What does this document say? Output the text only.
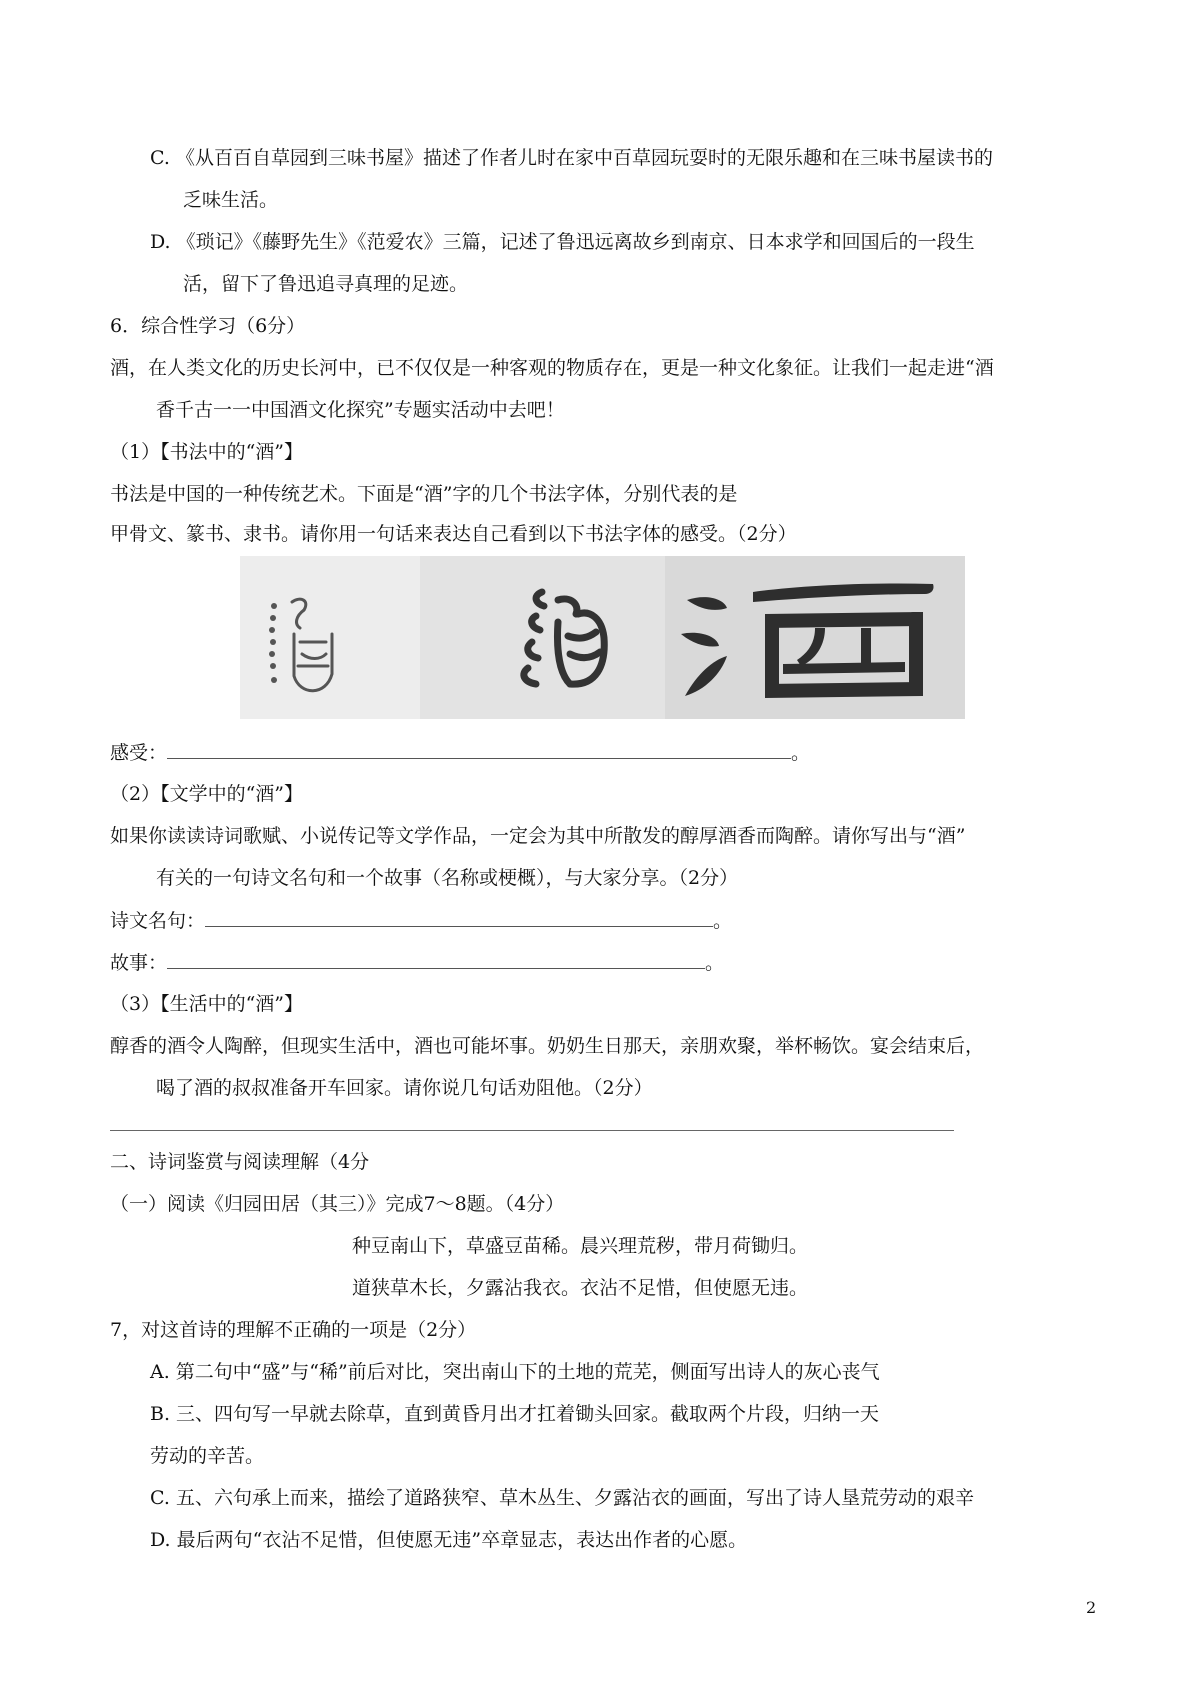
C. 《从百百自草园到三味书屋》描述了作者儿时在家中百草园玩耍时的无限乐趣和在三味书屋读书的
乏味生活。
D. 《琐记》《藤野先生》《范爱农》三篇，记述了鲁迅远离故乡到南京、日本求学和回国后的一段生
活，留下了鲁迅追寻真理的足迹。
6．综合性学习（6分）
酒，在人类文化的历史长河中，已不仅仅是一种客观的物质存在，更是一种文化象征。让我们一起走进“酒
香千古一一中国酒文化探究”专题实活动中去吧！
（1）【书法中的“酒”】
书法是中国的一种传统艺术。下面是“酒”字的几个书法字体，分别代表的是
甲骨文、篆书、隶书。请你用一句话来表达自己看到以下书法字体的感受。（2分）
感受：	。
（2）【文学中的“酒”】
如果你读读诗词歌赋、小说传记等文学作品，一定会为其中所散发的醇厚酒香而陶醉。请你写出与“酒”
有关的一句诗文名句和一个故事（名称或梗概），与大家分享。（2分）
诗文名句：	。
故事：	。
（3）【生活中的“酒”】
醇香的酒令人陶醉，但现实生活中，酒也可能坏事。奶奶生日那天，亲朋欢聚，举杯畅饮。宴会结束后，
喝了酒的叔叔准备开车回家。请你说几句话劝阻他。（2分）
二、诗词鉴赏与阅读理解（4分
（一）阅读《归园田居（其三）》完成7～8题。（4分）
种豆南山下，草盛豆苗稀。晨兴理荒秽，带月荷锄归。
道狭草木长，夕露沾我衣。衣沾不足惜，但使愿无违。
7，对这首诗的理解不正确的一项是（2分）
A. 第二句中“盛”与“稀”前后对比，突出南山下的土地的荒芜，侧面写出诗人的灰心丧气
B. 三、四句写一早就去除草，直到黄昏月出才扛着锄头回家。截取两个片段，归纳一天
劳动的辛苦。
C. 五、六句承上而来，描绘了道路狭窄、草木丛生、夕露沾衣的画面，写出了诗人垦荒劳动的艰辛
D. 最后两句“衣沾不足惜，但使愿无违”卒章显志，表达出作者的心愿。
2
